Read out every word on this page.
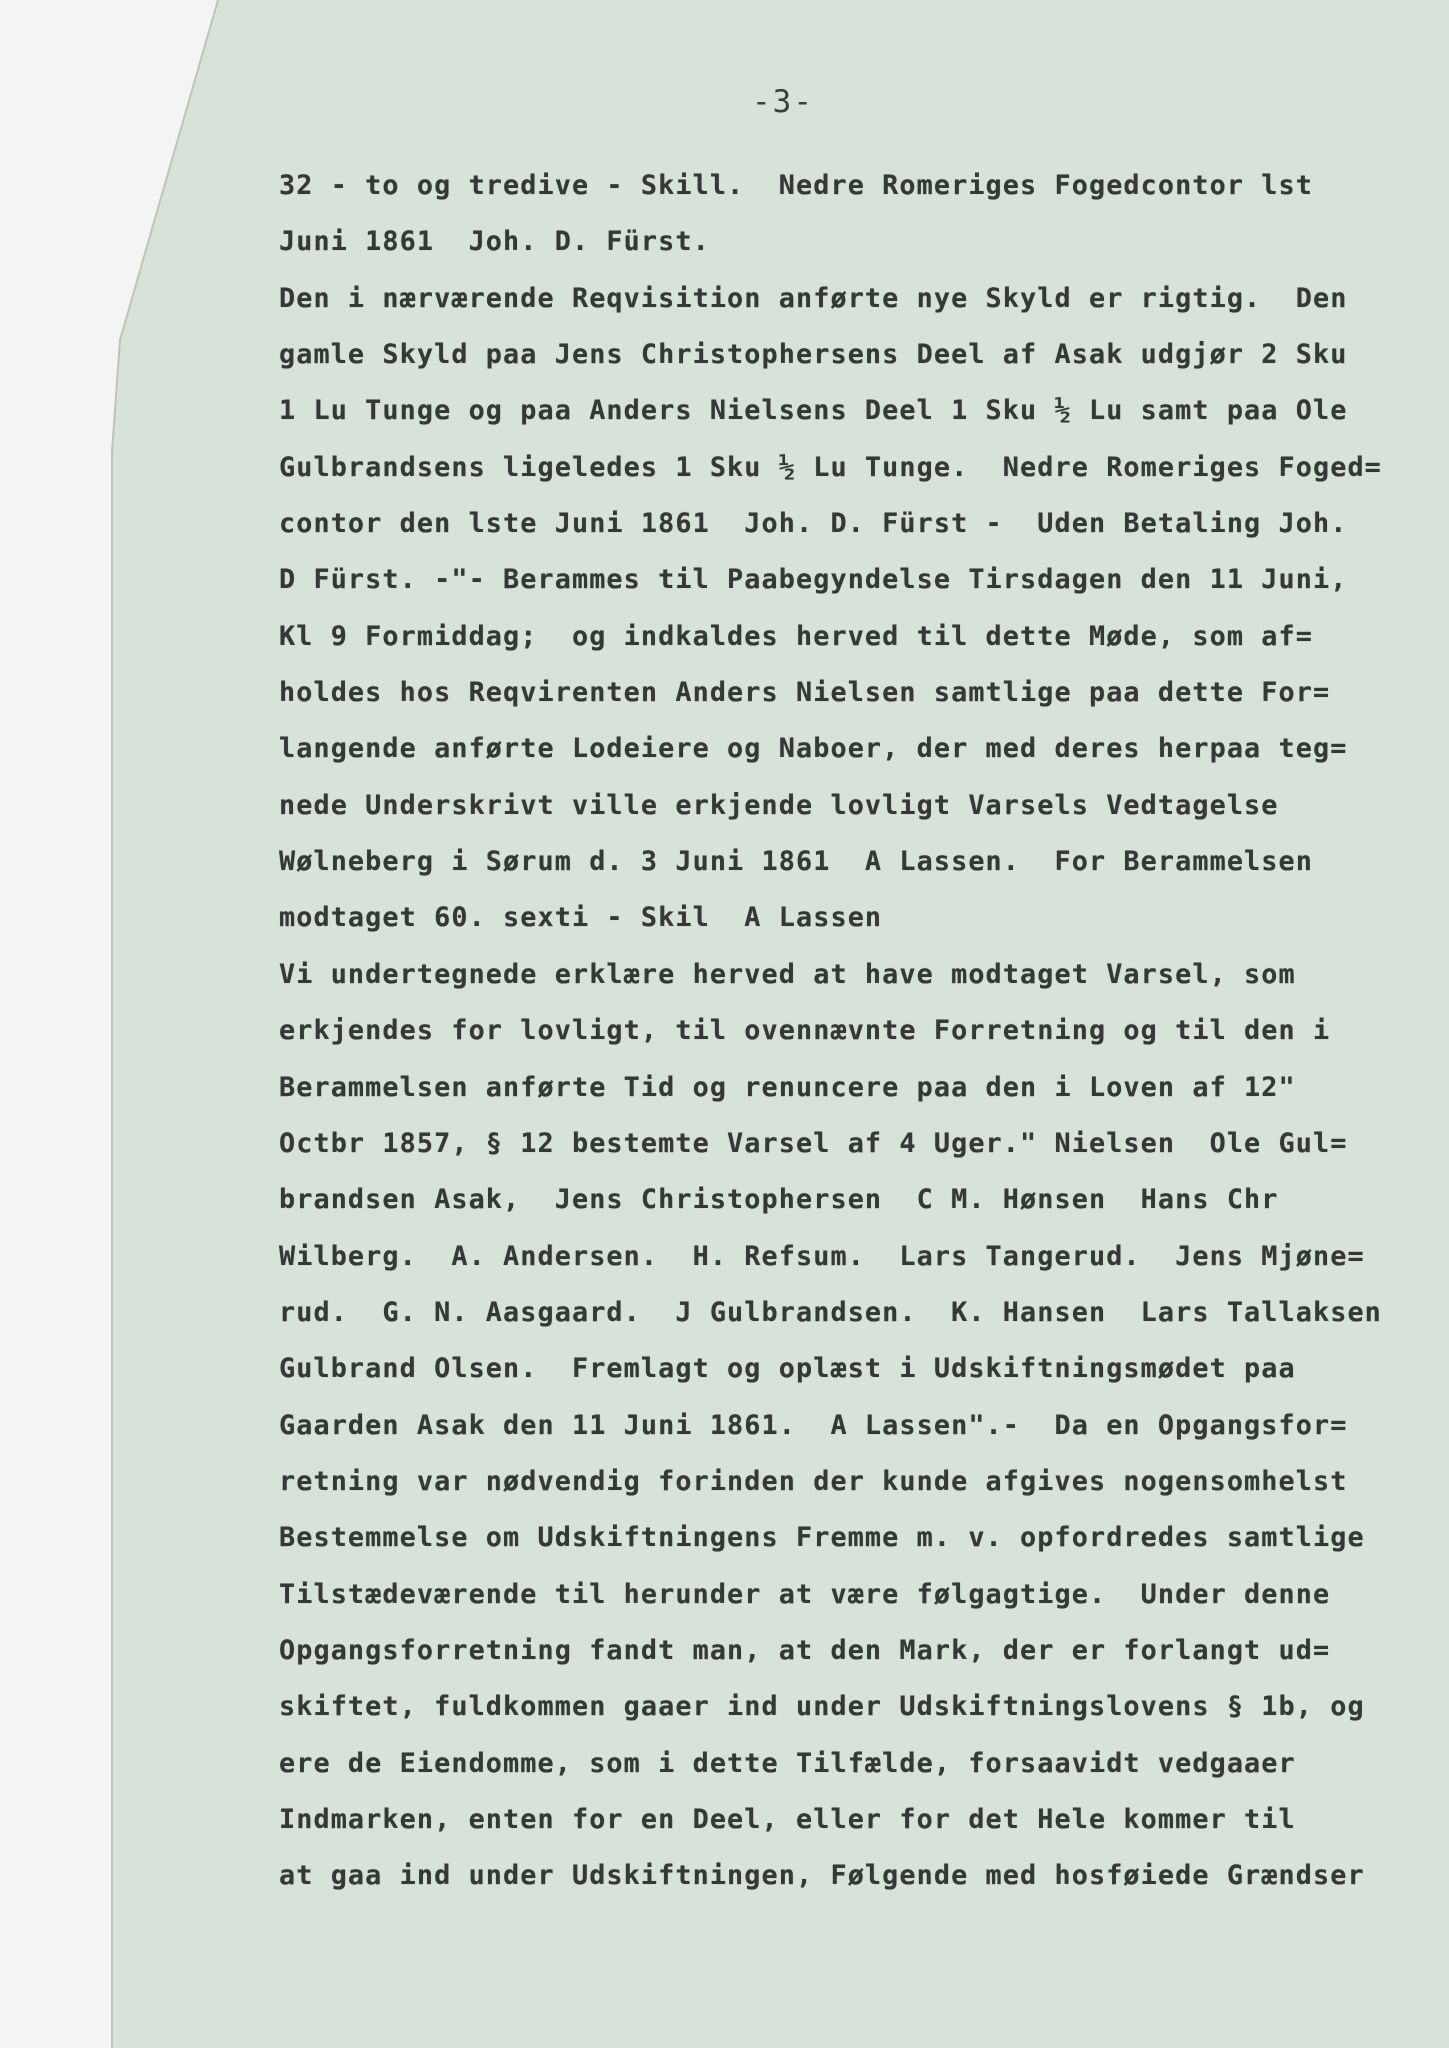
-3-
32 - to og tredive - Skill.  Nedre Romeriges Fogedcontor lst
Juni 1861  Joh. D. Fürst.
Den i nærværende Reqvisition anførte nye Skyld er rigtig.  Den
gamle Skyld paa Jens Christophersens Deel af Asak udgjør 2 Sku
1 Lu Tunge og paa Anders Nielsens Deel 1 Sku ½ Lu samt paa Ole
Gulbrandsens ligeledes 1 Sku ½ Lu Tunge.  Nedre Romeriges Foged=
contor den lste Juni 1861  Joh. D. Fürst -  Uden Betaling Joh.
D Fürst. -"- Berammes til Paabegyndelse Tirsdagen den 11 Juni,
Kl 9 Formiddag;  og indkaldes herved til dette Møde, som af=
holdes hos Reqvirenten Anders Nielsen samtlige paa dette For=
langende anførte Lodeiere og Naboer, der med deres herpaa teg=
nede Underskrivt ville erkjende lovligt Varsels Vedtagelse
Wølneberg i Sørum d. 3 Juni 1861  A Lassen.  For Berammelsen
modtaget 60. sexti - Skil  A Lassen
Vi undertegnede erklære herved at have modtaget Varsel, som
erkjendes for lovligt, til ovennævnte Forretning og til den i
Berammelsen anførte Tid og renuncere paa den i Loven af 12"
Octbr 1857, § 12 bestemte Varsel af 4 Uger." Nielsen  Ole Gul=
brandsen Asak,  Jens Christophersen  C M. Hønsen  Hans Chr
Wilberg.  A. Andersen.  H. Refsum.  Lars Tangerud.  Jens Mjøne=
rud.  G. N. Aasgaard.  J Gulbrandsen.  K. Hansen  Lars Tallaksen
Gulbrand Olsen.  Fremlagt og oplæst i Udskiftningsmødet paa
Gaarden Asak den 11 Juni 1861.  A Lassen".-  Da en Opgangsfor=
retning var nødvendig forinden der kunde afgives nogensomhelst
Bestemmelse om Udskiftningens Fremme m. v. opfordredes samtlige
Tilstædeværende til herunder at være følgagtige.  Under denne
Opgangsforretning fandt man, at den Mark, der er forlangt ud=
skiftet, fuldkommen gaaer ind under Udskiftningslovens § 1b, og
ere de Eiendomme, som i dette Tilfælde, forsaavidt vedgaaer
Indmarken, enten for en Deel, eller for det Hele kommer til
at gaa ind under Udskiftningen, Følgende med hosføiede Grændser
